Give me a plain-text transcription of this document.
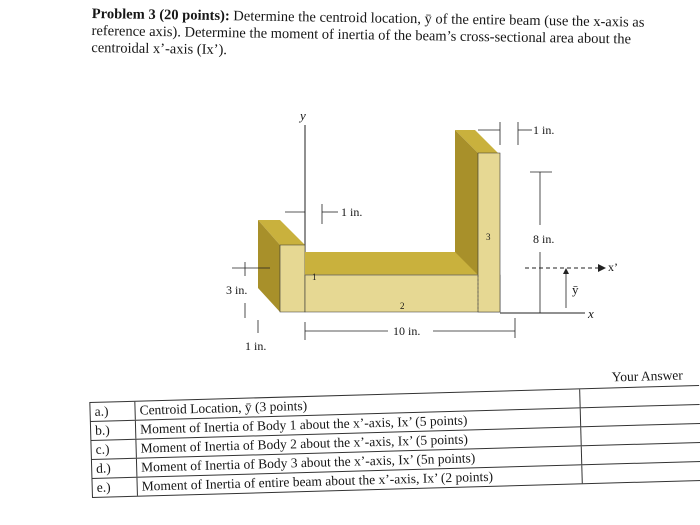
Problem 3 (20 points): Determine the centroid location, ȳ of the entire beam (use the x-axis as reference axis). Determine the moment of inertia of the beam’s cross-sectional area about the centroidal x’-axis (Ix’).
y
x
x’
1
2
3
1 in.
1 in.
3 in.
1 in.
10 in.
8 in.
ȳ
Your Answer
a.)	Centroid Location, ȳ (3 points)
b.)	Moment of Inertia of Body 1 about the x’-axis, Ix’ (5 points)
c.)	Moment of Inertia of Body 2 about the x’-axis, Ix’ (5 points)
d.)	Moment of Inertia of Body 3 about the x’-axis, Ix’ (5n points)
e.)	Moment of Inertia of entire beam about the x’-axis, Ix’ (2 points)
